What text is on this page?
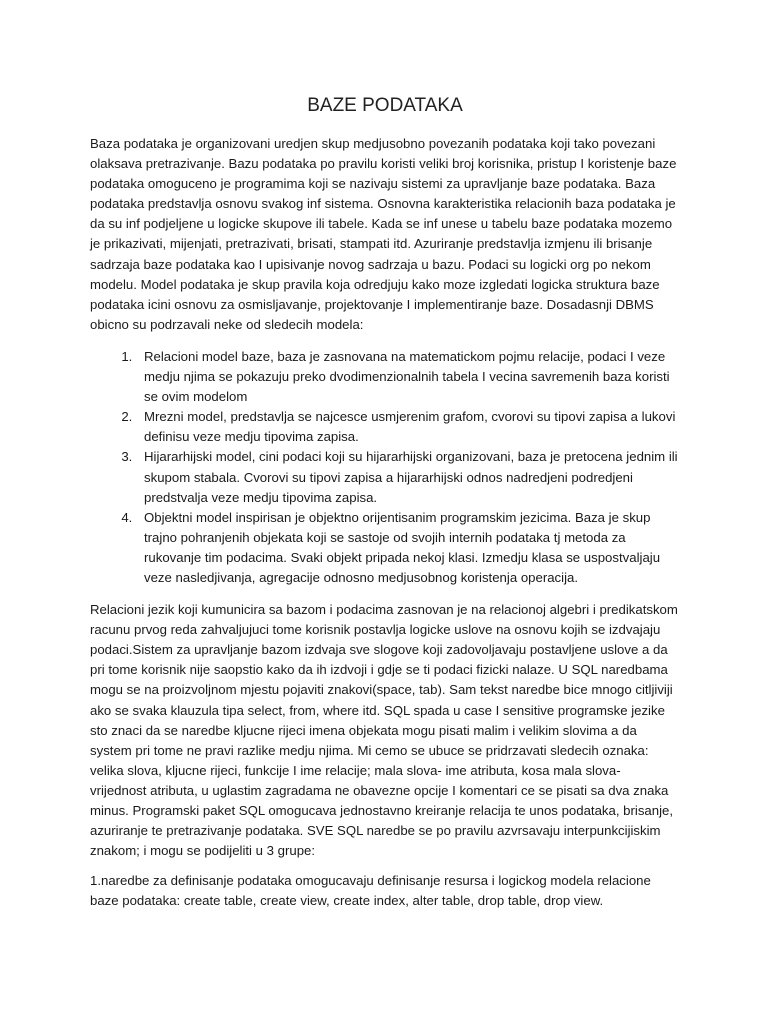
BAZE PODATAKA

Baza podataka je organizovani uredjen skup medjusobno povezanih podataka koji tako povezani olaksava pretrazivanje. Bazu podataka po pravilu koristi veliki broj korisnika, pristup I koristenje baze podataka omoguceno je programima koji se nazivaju sistemi za upravljanje baze podataka. Baza podataka predstavlja osnovu svakog inf sistema. Osnovna karakteristika relacionih baza podataka je da su inf podjeljene u logicke skupove ili tabele. Kada se inf unese u tabelu baze podataka mozemo je prikazivati, mijenjati, pretrazivati, brisati, stampati itd. Azuriranje predstavlja izmjenu ili brisanje sadrzaja baze podataka kao I upisivanje novog sadrzaja u bazu. Podaci su logicki org po nekom modelu. Model podataka je skup pravila koja odredjuju kako moze izgledati logicka struktura baze podataka icini osnovu za osmisljavanje, projektovanje I implementiranje baze. Dosadasnji DBMS obicno su podrzavali neke od sledecih modela:

1. Relacioni model baze, baza je zasnovana na matematickom pojmu relacije, podaci I veze medju njima se pokazuju preko dvodimenzionalnih tabela I vecina savremenih baza koristi se ovim modelom
2. Mrezni model, predstavlja se najcesce usmjerenim grafom, cvorovi su tipovi zapisa a lukovi definisu veze medju tipovima zapisa.
3. Hijararhijski model, cini podaci koji su hijararhijski organizovani, baza je pretocena jednim ili skupom stabala. Cvorovi su tipovi zapisa a hijararhijski odnos nadredjeni podredjeni predstvalja veze medju tipovima zapisa.
4. Objektni model inspirisan je objektno orijentisanim programskim jezicima. Baza je skup trajno pohranjenih objekata koji se sastoje od svojih internih podataka tj metoda za rukovanje tim podacima. Svaki objekt pripada nekoj klasi. Izmedju klasa se uspostvaljaju veze nasledjivanja, agregacije odnosno medjusobnog koristenja operacija.

Relacioni jezik koji kumunicira sa bazom i podacima zasnovan je na relacionoj algebri i predikatskom racunu prvog reda zahvaljujuci tome korisnik postavlja logicke uslove na osnovu kojih se izdvajaju podaci.Sistem za upravljanje bazom izdvaja sve slogove koji zadovoljavaju postavljene uslove a da pri tome korisnik nije saopstio kako da ih izdvoji i gdje se ti podaci fizicki nalaze. U SQL naredbama mogu se na proizvoljnom mjestu pojaviti znakovi(space, tab). Sam tekst naredbe bice mnogo citljiviji ako se svaka klauzula tipa select, from, where itd. SQL spada u case I sensitive programske jezike sto znaci da se naredbe kljucne rijeci imena objekata mogu pisati malim i velikim slovima a da system pri tome ne pravi razlike medju njima. Mi cemo se ubuce se pridrzavati sledecih oznaka: velika slova, kljucne rijeci, funkcije I ime relacije; mala slova- ime atributa, kosa mala slova- vrijednost atributa, u uglastim zagradama ne obavezne opcije I komentari ce se pisati sa dva znaka minus. Programski paket SQL omogucava jednostavno kreiranje relacija te unos podataka, brisanje, azuriranje te pretrazivanje podataka. SVE SQL naredbe se po pravilu azvrsavaju interpunkcijiskim znakom; i mogu se podijeliti u 3 grupe:

1.naredbe za definisanje podataka omogucavaju definisanje resursa i logickog modela relacione baze podataka: create table, create view, create index, alter table, drop table, drop view.
